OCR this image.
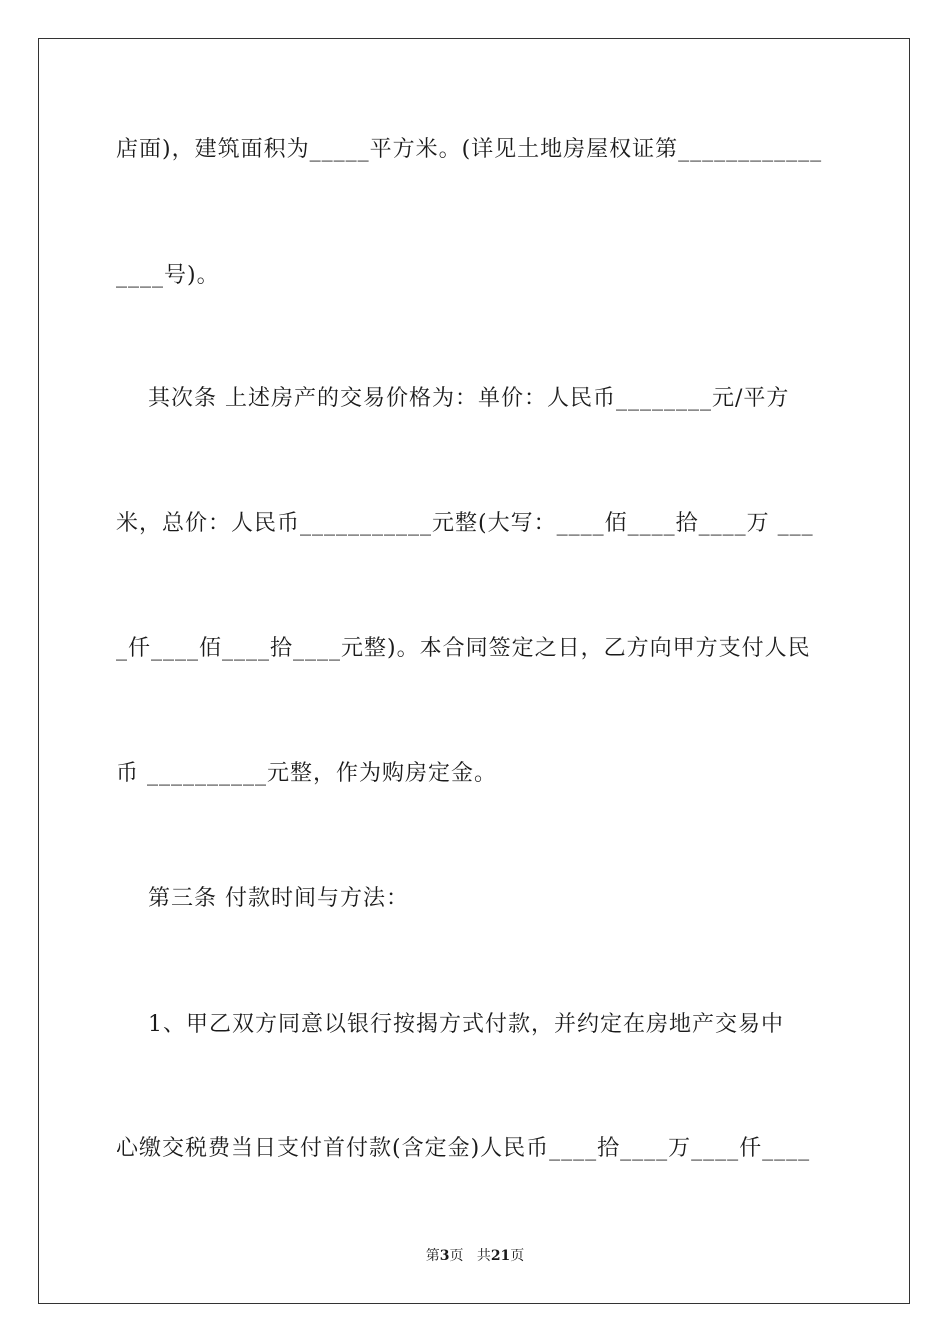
店面)，建筑面积为_____平方米。(详见土地房屋权证第____________
____号)。
其次条 上述房产的交易价格为：单价：人民币________元/平方
米，总价：人民币___________元整(大写：____佰____拾____万 ___
_仟____佰____拾____元整)。本合同签定之日，乙方向甲方支付人民
币 __________元整，作为购房定金。
第三条 付款时间与方法：
1、甲乙双方同意以银行按揭方式付款，并约定在房地产交易中
心缴交税费当日支付首付款(含定金)人民币____拾____万____仟____
第3页 共21页
